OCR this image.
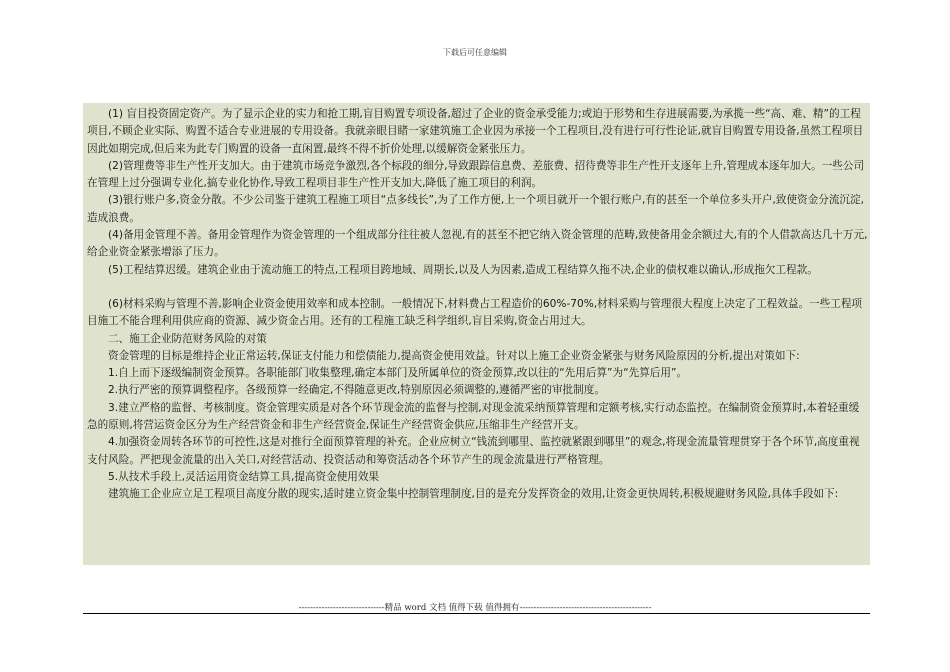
下载后可任意编辑

(1) 盲目投资固定资产。为了显示企业的实力和抢工期,盲目购置专项设备,超过了企业的资金承受能力;或迫于形势和生存进展需要,为承揽一些“高、难、精”的工程项目,不顾企业实际、购置不适合专业进展的专用设备。我就亲眼目睹一家建筑施工企业因为承接一个工程项目,没有进行可行性论证,就盲目购置专用设备,虽然工程项目因此如期完成,但后来为此专门购置的设备一直闲置,最终不得不折价处理,以缓解资金紧张压力。

(2)管理费等非生产性开支加大。由于建筑市场竞争激烈,各个标段的细分,导致跟踪信息费、差旅费、招待费等非生产性开支逐年上升,管理成本逐年加大。一些公司在管理上过分强调专业化,搞专业化协作,导致工程项目非生产性开支加大,降低了施工项目的利润。

(3)银行账户多,资金分散。不少公司鉴于建筑工程施工项目“点多线长”,为了工作方便,上一个项目就开一个银行账户,有的甚至一个单位多头开户,致使资金分流沉淀,造成浪费。

(4)备用金管理不善。备用金管理作为资金管理的一个组成部分往往被人忽视,有的甚至不把它纳入资金管理的范畴,致使备用金余额过大,有的个人借款高达几十万元,给企业资金紧张增添了压力。

(5)工程结算迟缓。建筑企业由于流动施工的特点,工程项目跨地域、周期长,以及人为因素,造成工程结算久拖不决,企业的债权难以确认,形成拖欠工程款。

(6)材料采购与管理不善,影响企业资金使用效率和成本控制。一般情况下,材料费占工程造价的60%-70%,材料采购与管理很大程度上决定了工程效益。一些工程项目施工不能合理利用供应商的资源、减少资金占用。还有的工程施工缺乏科学组织,盲目采购,资金占用过大。

二、施工企业防范财务风险的对策

资金管理的目标是维持企业正常运转,保证支付能力和偿债能力,提高资金使用效益。针对以上施工企业资金紧张与财务风险原因的分析,提出对策如下:

1.自上而下逐级编制资金预算。各职能部门收集整理,确定本部门及所属单位的资金预算,改以往的“先用后算”为“先算后用”。

2.执行严密的预算调整程序。各级预算一经确定,不得随意更改,特别原因必须调整的,遵循严密的审批制度。

3.建立严格的监督、考核制度。资金管理实质是对各个环节现金流的监督与控制,对现金流采纳预算管理和定额考核,实行动态监控。在编制资金预算时,本着轻重缓急的原则,将营运资金区分为生产经营资金和非生产经营资金,保证生产经营资金供应,压缩非生产经营开支。

4.加强资金周转各环节的可控性,这是对推行全面预算管理的补充。企业应树立“钱流到哪里、监控就紧跟到哪里”的观念,将现金流量管理贯穿于各个环节,高度重视支付风险。严把现金流量的出入关口,对经营活动、投资活动和筹资活动各个环节产生的现金流量进行严格管理。

5.从技术手段上,灵活运用资金结算工具,提高资金使用效果

建筑施工企业应立足工程项目高度分散的现实,适时建立资金集中控制管理制度,目的是充分发挥资金的效用,让资金更快周转,积极规避财务风险,具体手段如下:

------------------------------精品 word 文档 值得下载 值得拥有----------------------------------------------
